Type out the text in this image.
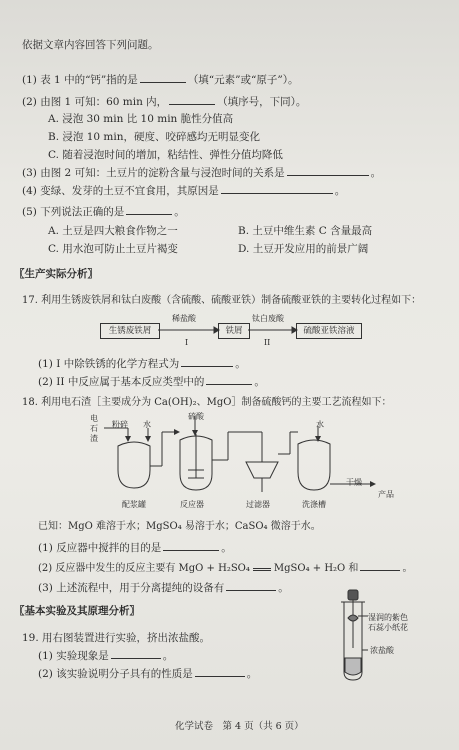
依据文章内容回答下列问题。
(1) 表 1 中的“钙”指的是	（填“元素”或“原子”）。
(2) 由图 1 可知：60 min 内，	（填序号，下同）。
A. 浸泡 30 min 比 10 min 脆性分值高
B. 浸泡 10 min，硬度、咬碎感均无明显变化
C. 随着浸泡时间的增加，粘结性、弹性分值均降低
(3) 由图 2 可知：土豆片的淀粉含量与浸泡时间的关系是	。
(4) 变绿、发芽的土豆不宜食用，其原因是	。
(5) 下列说法正确的是	。
A. 土豆是四大粮食作物之一	B. 土豆中维生素 C 含量最高
C. 用水泡可防止土豆片褐变	D. 土豆开发应用的前景广阔
〖生产实际分析〗
17. 利用生锈废铁屑和钛白废酸（含硫酸、硫酸亚铁）制备硫酸亚铁的主要转化过程如下：
生锈废铁屑	铁屑	硫酸亚铁溶液
稀盐酸	钛白废酸
I	II
(1) I 中除铁锈的化学方程式为	。
(2) II 中反应属于基本反应类型中的	。
18. 利用电石渣［主要成分为 Ca(OH)₂、MgO］制备硫酸钙的主要工艺流程如下：
电
石
渣
粉碎 水
硫酸
水
干燥
产品
配浆罐	反应器	过滤器	洗涤槽
已知：MgO 难溶于水；MgSO₄ 易溶于水；CaSO₄ 微溶于水。
(1) 反应器中搅拌的目的是	。
(2) 反应器中发生的反应主要有 MgO + H₂SO₄ MgSO₄ + H₂O 和	。
(3) 上述流程中，用于分离提纯的设备有	。
〖基本实验及其原理分析〗
19. 用右图装置进行实验，挤出浓盐酸。
(1) 实验现象是	。
(2) 该实验说明分子具有的性质是	。
湿润的紫色
石蕊小纸花
浓盐酸
化学试卷　第 4 页（共 6 页）
